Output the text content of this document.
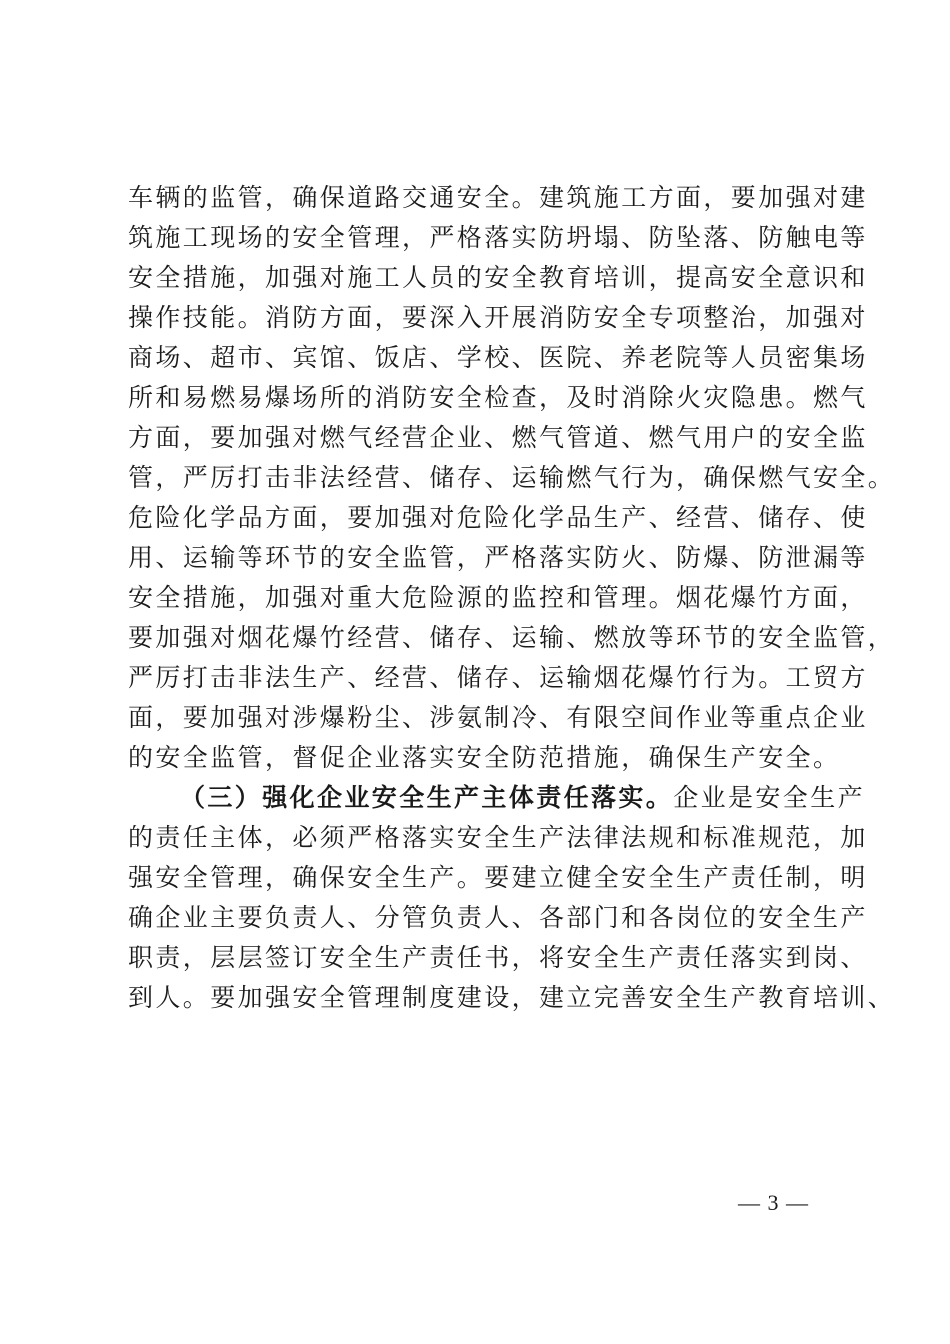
车辆的监管，确保道路交通安全。建筑施工方面，要加强对建
筑施工现场的安全管理，严格落实防坍塌、防坠落、防触电等
安全措施，加强对施工人员的安全教育培训，提高安全意识和
操作技能。消防方面，要深入开展消防安全专项整治，加强对
商场、超市、宾馆、饭店、学校、医院、养老院等人员密集场
所和易燃易爆场所的消防安全检查，及时消除火灾隐患。燃气
方面，要加强对燃气经营企业、燃气管道、燃气用户的安全监
管，严厉打击非法经营、储存、运输燃气行为，确保燃气安全。
危险化学品方面，要加强对危险化学品生产、经营、储存、使
用、运输等环节的安全监管，严格落实防火、防爆、防泄漏等
安全措施，加强对重大危险源的监控和管理。烟花爆竹方面，
要加强对烟花爆竹经营、储存、运输、燃放等环节的安全监管，
严厉打击非法生产、经营、储存、运输烟花爆竹行为。工贸方
面，要加强对涉爆粉尘、涉氨制冷、有限空间作业等重点企业
的安全监管，督促企业落实安全防范措施，确保生产安全。
（三）强化企业安全生产主体责任落实。企业是安全生产
的责任主体，必须严格落实安全生产法律法规和标准规范，加
强安全管理，确保安全生产。要建立健全安全生产责任制，明
确企业主要负责人、分管负责人、各部门和各岗位的安全生产
职责，层层签订安全生产责任书，将安全生产责任落实到岗、
到人。要加强安全管理制度建设，建立完善安全生产教育培训、
— 3 —
